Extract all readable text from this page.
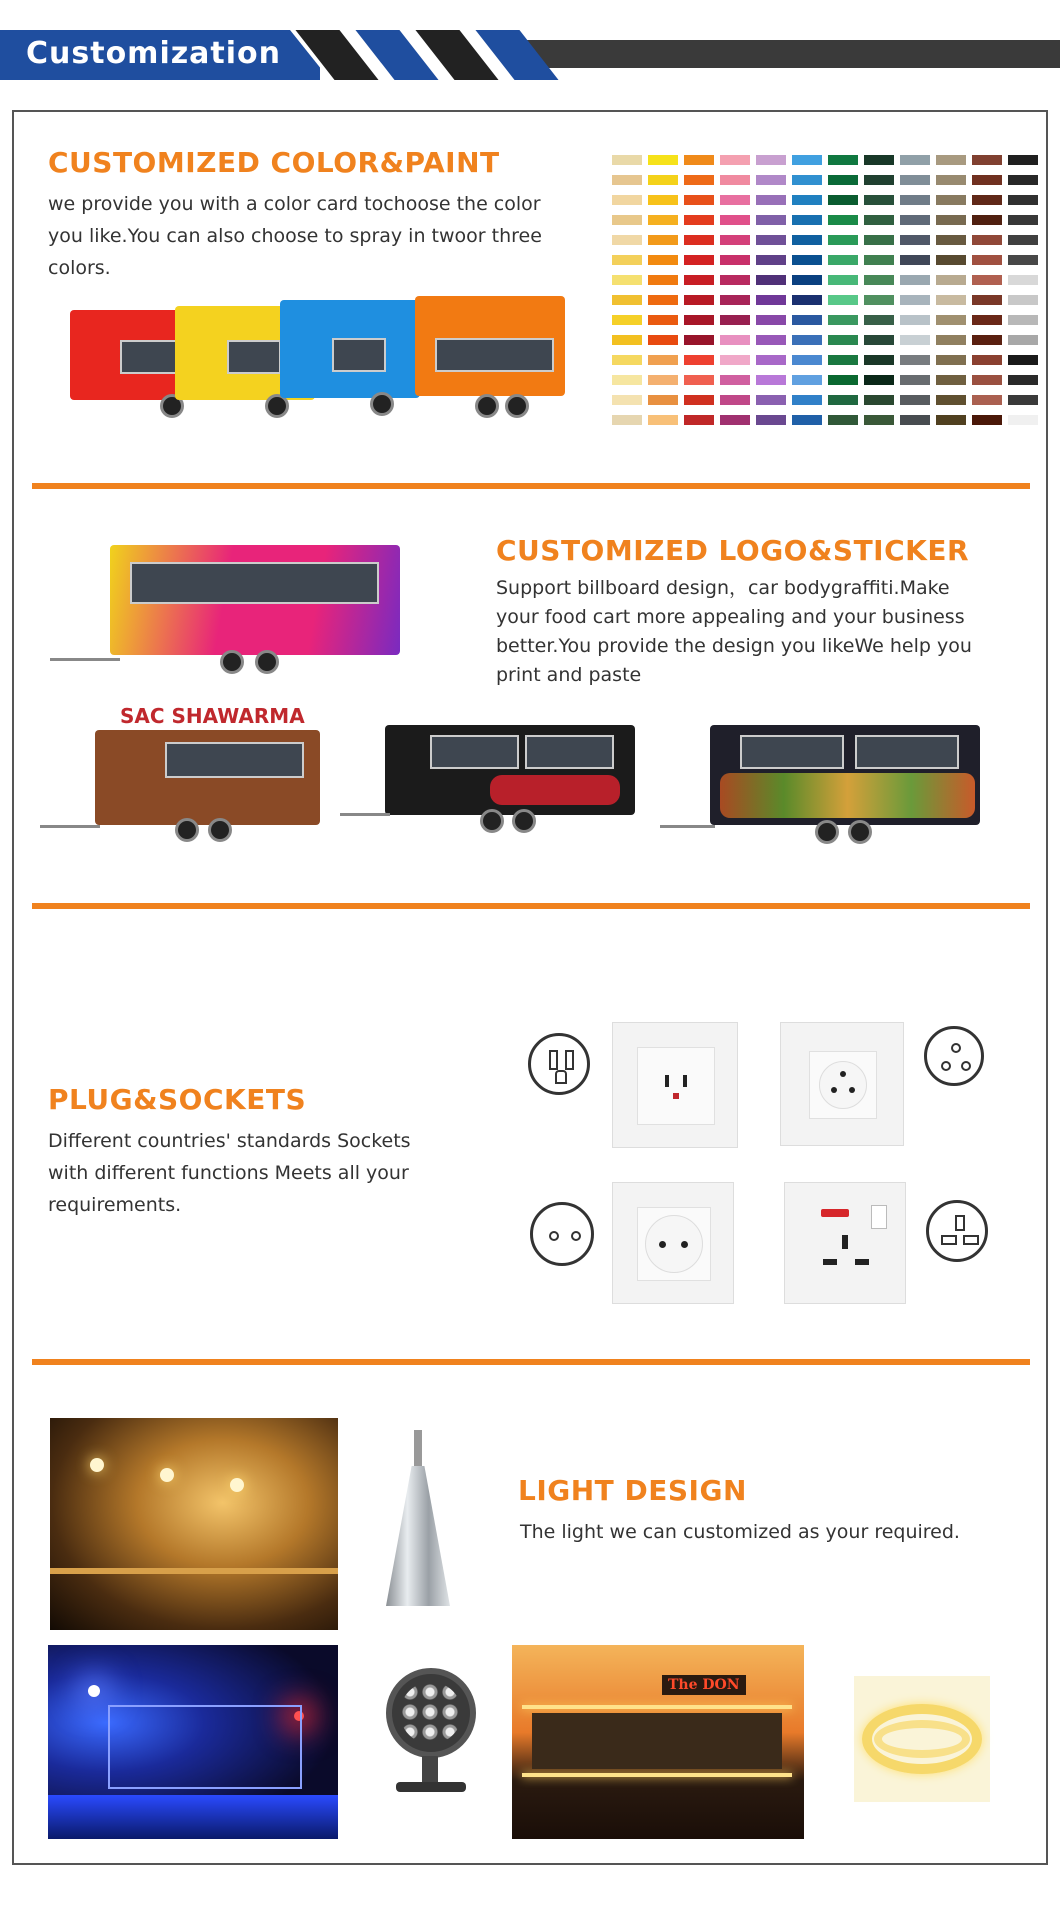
Customization
CUSTOMIZED COLOR&PAINT
we provide you with a color card tochoose the color
you like.You can also choose to spray in twoor three
colors.
CUSTOMIZED LOGO&STICKER
Support billboard design，car bodygraffiti.Make
your food cart more appealing and your business
better.You provide the design you likeWe help you
print and paste
SAC SHAWARMA
PLUG&SOCKETS
Different countries' standards Sockets
with different functions Meets all your
requirements.
LIGHT DESIGN
The light we can customized as your required.
The DON
